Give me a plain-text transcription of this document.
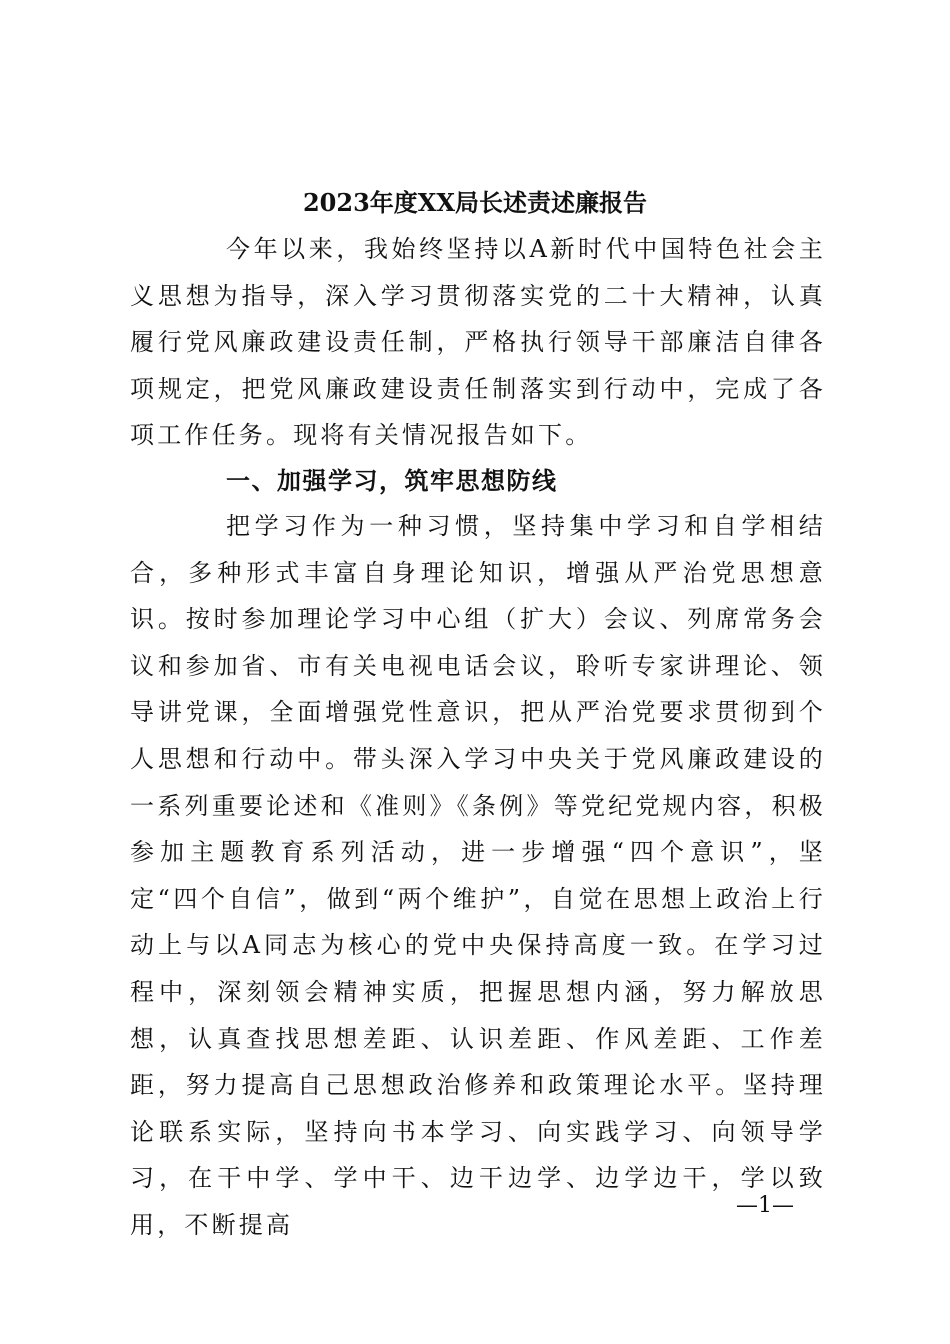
2023年度XX局长述责述廉报告
今年以来，我始终坚持以A新时代中国特色社会主义思想为指导，深入学习贯彻落实党的二十大精神，认真履行党风廉政建设责任制，严格执行领导干部廉洁自律各项规定，把党风廉政建设责任制落实到行动中，完成了各项工作任务。现将有关情况报告如下。
一、加强学习，筑牢思想防线
把学习作为一种习惯，坚持集中学习和自学相结合，多种形式丰富自身理论知识，增强从严治党思想意识。按时参加理论学习中心组（扩大）会议、列席常务会议和参加省、市有关电视电话会议，聆听专家讲理论、领导讲党课，全面增强党性意识，把从严治党要求贯彻到个人思想和行动中。带头深入学习中央关于党风廉政建设的一系列重要论述和《准则》《条例》等党纪党规内容，积极参加主题教育系列活动，进一步增强“四个意识”，坚定“四个自信”，做到“两个维护”，自觉在思想上政治上行动上与以A同志为核心的党中央保持高度一致。在学习过程中，深刻领会精神实质，把握思想内涵，努力解放思想，认真查找思想差距、认识差距、作风差距、工作差距，努力提高自己思想政治修养和政策理论水平。坚持理论联系实际，坚持向书本学习、向实践学习、向领导学习，在干中学、学中干、边干边学、边学边干，学以致用，不断提高
—1—
